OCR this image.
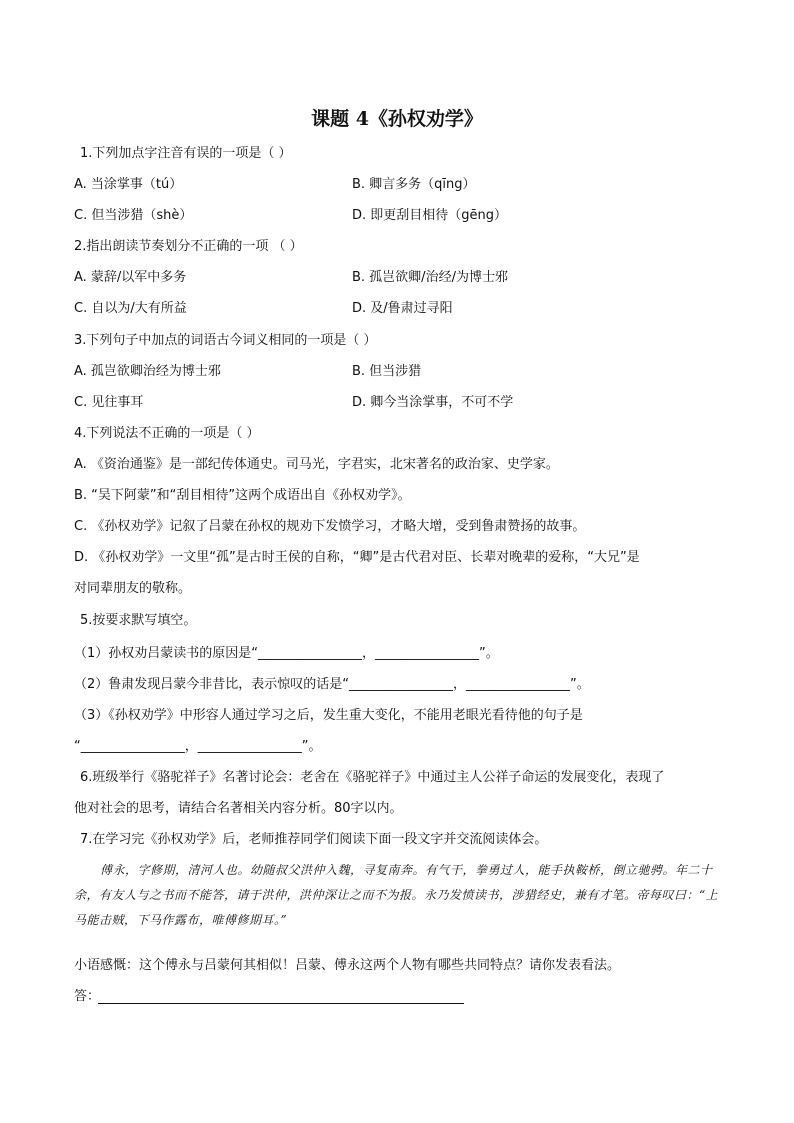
课题 4《孙权劝学》
1.下列加点字注音有误的一项是（ ）
A. 当涂掌事（tú）	B. 卿言多务（qīng）
C. 但当涉猎（shè）	D. 即更刮目相待（gēng）
2.指出朗读节奏划分不正确的一项 （ ）
A. 蒙辞/以军中多务	B. 孤岂欲卿/治经/为博士邪
C. 自以为/大有所益	D. 及/鲁肃过寻阳
3.下列句子中加点的词语古今词义相同的一项是（ ）
A. 孤岂欲卿治经为博士邪	B. 但当涉猎
C. 见往事耳	D. 卿今当涂掌事，不可不学
4.下列说法不正确的一项是（ ）
A. 《资治通鉴》是一部纪传体通史。司马光，字君实，北宋著名的政治家、史学家。
B. “吴下阿蒙”和“刮目相待”这两个成语出自《孙权劝学》。
C. 《孙权劝学》记叙了吕蒙在孙权的规劝下发愤学习，才略大增，受到鲁肃赞扬的故事。
D. 《孙权劝学》一文里“孤”是古时王侯的自称，“卿”是古代君对臣、长辈对晚辈的爱称，“大兄”是
对同辈朋友的敬称。
5.按要求默写填空。
（1）孙权劝吕蒙读书的原因是“________________，________________”。
（2）鲁肃发现吕蒙今非昔比，表示惊叹的话是“________________，________________”。
（3）《孙权劝学》中形容人通过学习之后，发生重大变化，不能用老眼光看待他的句子是
“________________，________________”。
6.班级举行《骆驼祥子》名著讨论会：老舍在《骆驼祥子》中通过主人公祥子命运的发展变化，表现了
他对社会的思考，请结合名著相关内容分析。80字以内。
7.在学习完《孙权劝学》后，老师推荐同学们阅读下面一段文字并交流阅读体会。
傅永，字修期，清河人也。幼随叔父洪仲入魏，寻复南奔。有气干，拳勇过人，能手执鞍桥，倒立驰骋。年二十余，有友人与之书而不能答，请于洪仲，洪仲深让之而不为报。永乃发愤读书，涉猎经史，兼有才笔。帝每叹曰：“上马能击贼，下马作露布，唯傅修期耳。”
小语感慨：这个傅永与吕蒙何其相似！吕蒙、傅永这两个人物有哪些共同特点？请你发表看法。
答：
